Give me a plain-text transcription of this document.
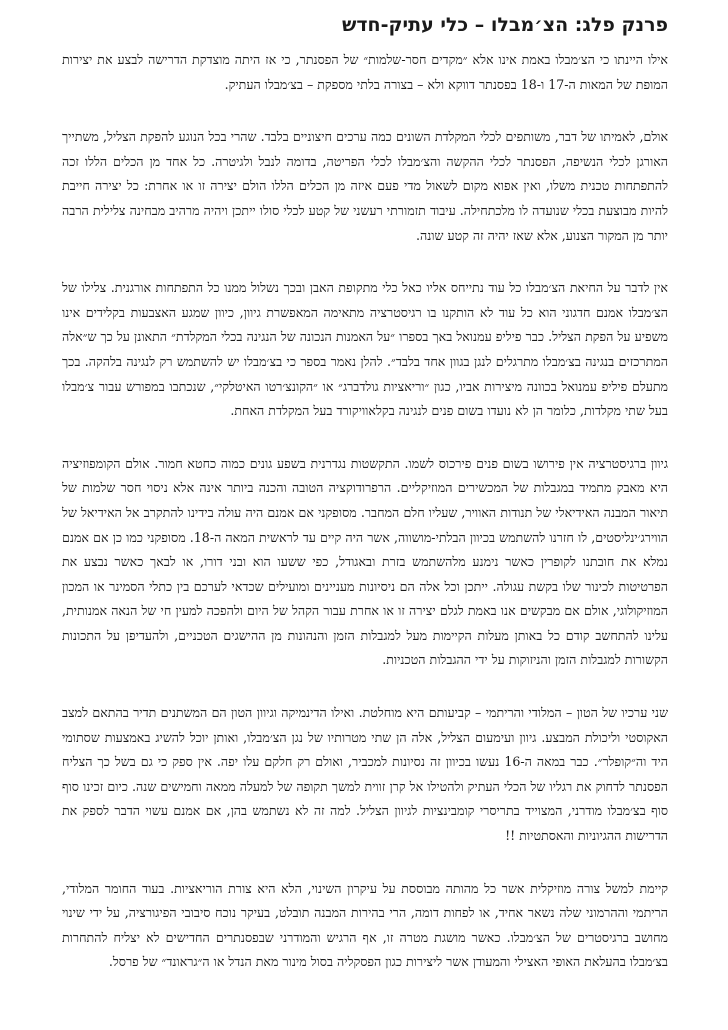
פרנק פלג: הצ׳מבלו – כלי עתיק-חדש

אילו היינתו כי הצ׳מבלו באמת אינו אלא ״מקדים חסר-שלמות״ של הפסנתר, כי אז היתה מוצדקת הדרישה לבצע את יצירות המופת של המאות ה-17 ו-18 בפסנתר דווקא ולא – בצורה בלתי מספקת – בצ׳מבלו העתיק.

אולם, לאמיתו של דבר, משותפים לכלי המקלדת השונים כמה ערכים חיצוניים בלבד. שהרי בכל הנוגע להפקת הצליל, משתייך האורגן לכלי הנשיפה, הפסנתר לכלי ההקשה והצ׳מבלו לכלי הפריטה, בדומה לנבל ולגיטרה. כל אחד מן הכלים הללו זכה להתפתחות טכנית משלו, ואין אפוא מקום לשאול מדי פעם איזה מן הכלים הללו הולם יצירה זו או אחרת: כל יצירה חייבת להיות מבוצעת בכלי שנועדה לו מלכתחילה. עיבוד תזמורתי רעשני של קטע לכלי סולו ייתכן ויהיה מרהיב מבחינה צלילית הרבה יותר מן המקור הצנוע, אלא שאז יהיה זה קטע שונה.

אין לדבר על החיאת הצ׳מבלו כל עוד נתייחס אליו כאל כלי מתקופת האבן ובכך נשלול ממנו כל התפתחות אורגנית. צלילו של הצ׳מבלו אמנם חדגוני הוא כל עוד לא הותקנו בו רגיסטרציה מתאימה המאפשרת גיוון, כיוון שמגע האצבעות בקלידים אינו משפיע על הפקת הצליל. כבר פיליפ עמנואל באך בספרו ״על האמנות הנכונה של הנגינה בכלי המקלדת״ התאונן על כך ש״אלה המתרכזים בנגינה בצ׳מבלו מתרגלים לנגן בגוון אחד בלבד״. להלן נאמר בספר כי בצ׳מבלו יש להשתמש רק לנגינה בלהקה. בכך מתעלם פיליפ עמנואל בכוונה מיצירות אביו, כגון ״וריאציות גולדברג״ או ״הקונצ׳רטו האיטלקי״, שנכתבו במפורש עבור צ׳מבלו בעל שתי מקלדות, כלומר הן לא נועדו בשום פנים לנגינה בקלאוויקורד בעל המקלדת האחת.

גיוון ברגיסטרציה אין פירושו בשום פנים פירכוס לשמו. התקשטות נגדרנית בשפע גונים כמוה כחטא חמור. אולם הקומפוזיציה היא מאבק מתמיד במגבלות של המכשירים המוזיקליים. הרפרודוקציה הטובה והכנה ביותר אינה אלא ניסוי חסר שלמות של תיאור המבנה האידיאלי של תנודות האוויר, שעליו חלם המחבר. מסופקני אם אמנם היה עולה בידינו להתקרב אל האידיאל של הווירג׳ינליסטים, לו חזרנו להשתמש בכיוון הבלתי-מושווה, אשר היה קיים עד לראשית המאה ה-18. מסופקני כמו כן אם אמנם נמלא את חובתנו לקופרין כאשר נימנע מלהשתמש בזרת ובאגודל, כפי ששעו הוא ובני דורו, או לבאך כאשר נבצע את הפרטיטות לכינור שלו בקשת עגולה. ייתכן וכל אלה הם ניסיונות מעניינים ומועילים שכדאי לערכם בין כתלי הסמינר או המכון המוזיקולוגי, אולם אם מבקשים אנו באמת לגלם יצירה זו או אחרת עבור הקהל של היום ולהפכה למעין חי של הנאה אמנותית, עלינו להתחשב קודם כל באותן מעלות הקיימות מעל למגבלות הזמן והנהונות מן ההישגים הטכניים, ולהעדיפן על התכונות הקשורות למגבלות הזמן והניזוקות על ידי ההגבלות הטכניות.

שני ערכיו של הטון – המלודי והריתמי – קביעותם היא מוחלטת. ואילו הדינמיקה וגיוון הטון הם המשתנים תדיר בהתאם למצב האקוסטי וליכולת המבצע. גיוון ועימעום הצליל, אלה הן שתי מטרותיו של נגן הצ׳מבלו, ואותן יוכל להשיג באמצעות שסתומי היד וה״קופלר״. כבר במאה ה-16 נעשו בכיוון זה נסיונות למכביר, ואולם רק חלקם עלו יפה. אין ספק כי גם בשל כך הצליח הפסנתר לדחוק את רגליו של הכלי העתיק ולהטילו אל קרן זווית למשך תקופה של למעלה ממאה וחמישים שנה. כיום זכינו סוף סוף בצ׳מבלו מודרני, המצוייד בתריסרי קומבינציות לגיוון הצליל. למה זה לא נשתמש בהן, אם אמנם עשוי הדבר לספק את הדרישות ההגיוניות והאסתטיות !!

קיימת למשל צורה מוזיקלית אשר כל מהותה מבוססת על עיקרון השינוי, הלא היא צורת הוריאציות. בעוד החומר המלודי, הריתמי וההרמוני שלה נשאר אחיד, או לפחות דומה, הרי בהירות המבנה תובלט, בעיקר נוכח סיבובי הפיגורציה, על ידי שינוי מחושב ברגיסטרים של הצ׳מבלו. כאשר מושגת מטרה זו, אף הרגיש והמודרני שבפסנתרים החדישים לא יצליח להתחרות בצ׳מבלו בהעלאת האופי האצילי והמעודן אשר ליצירות כגון הפסקליה בסול מינור מאת הנדל או ה״גראונד״ של פרסל.
